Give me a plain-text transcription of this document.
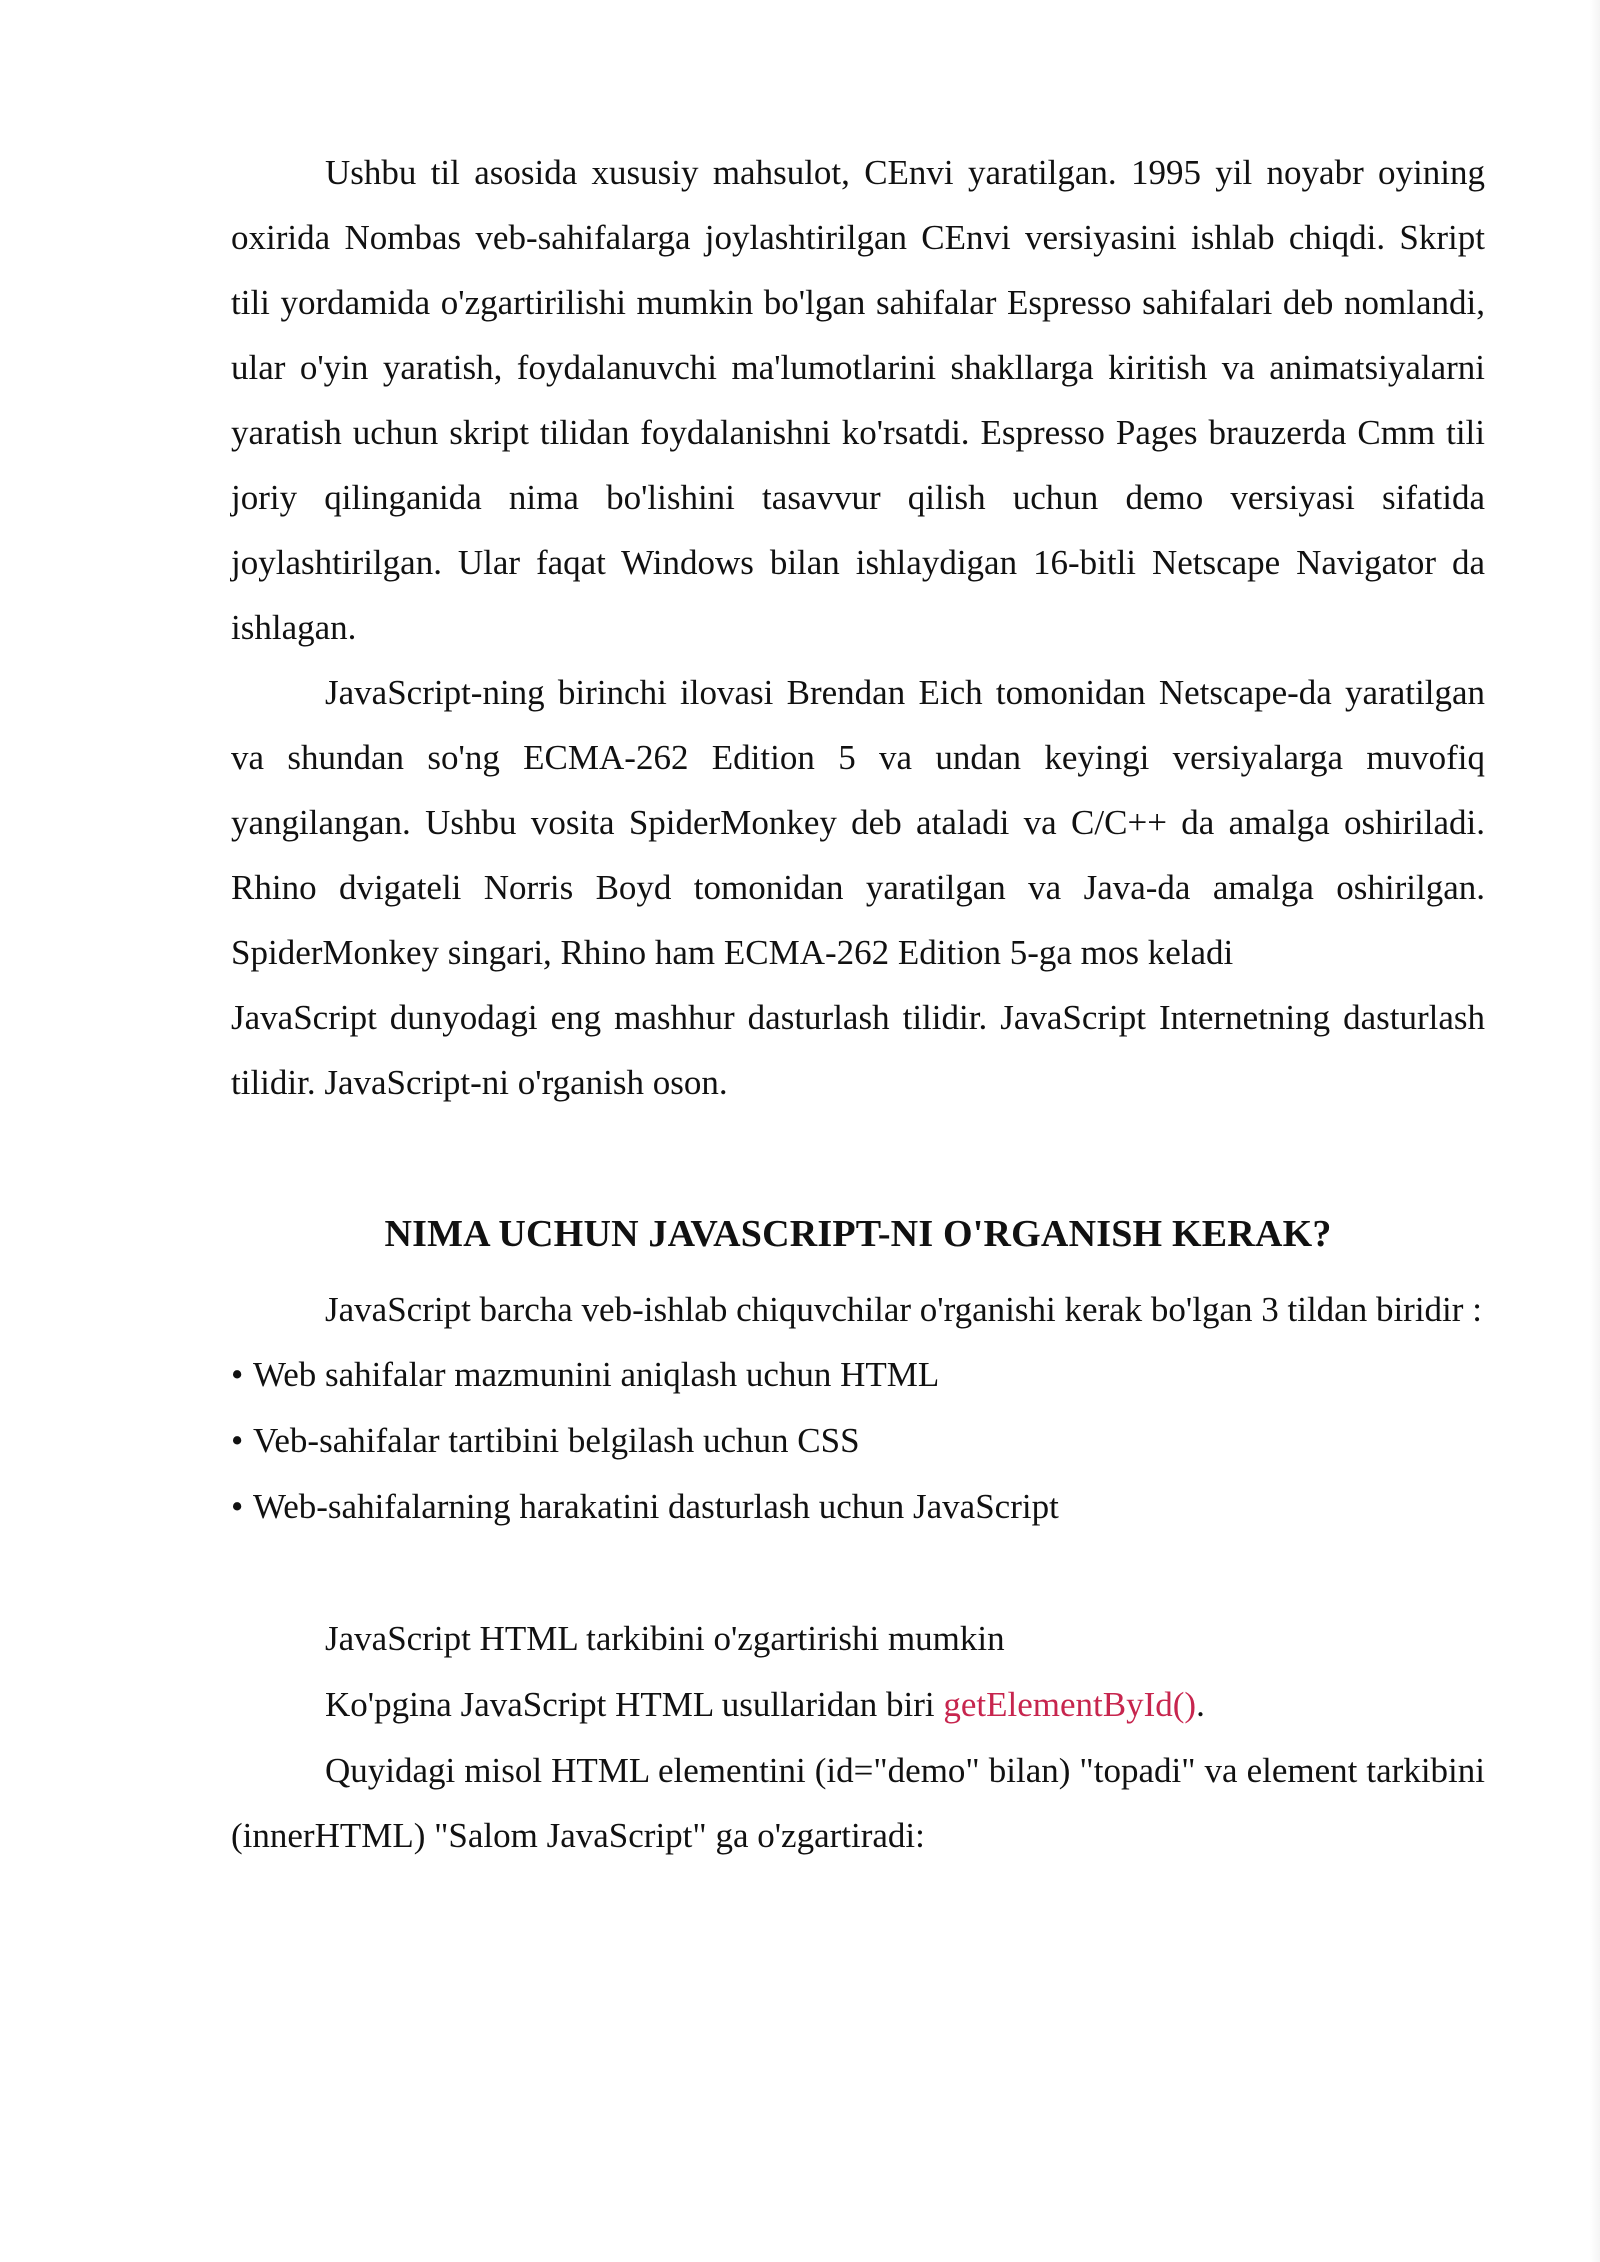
Ushbu til asosida xususiy mahsulot, CEnvi yaratilgan. 1995 yil noyabr oyining oxirida Nombas veb-sahifalarga joylashtirilgan CEnvi versiyasini ishlab chiqdi. Skript tili yordamida o'zgartirilishi mumkin bo'lgan sahifalar Espresso sahifalari deb nomlandi, ular o'yin yaratish, foydalanuvchi ma'lumotlarini shakllarga kiritish va animatsiyalarni yaratish uchun skript tilidan foydalanishni ko'rsatdi. Espresso Pages brauzerda Cmm tili joriy qilinganida nima bo'lishini tasavvur qilish uchun demo versiyasi sifatida joylashtirilgan. Ular faqat Windows bilan ishlaydigan 16-bitli Netscape Navigator da ishlagan.

JavaScript-ning birinchi ilovasi Brendan Eich tomonidan Netscape-da yaratilgan va shundan so'ng ECMA-262 Edition 5 va undan keyingi versiyalarga muvofiq yangilangan. Ushbu vosita SpiderMonkey deb ataladi va C/C++ da amalga oshiriladi. Rhino dvigateli Norris Boyd tomonidan yaratilgan va Java-da amalga oshirilgan. SpiderMonkey singari, Rhino ham ECMA-262 Edition 5-ga mos keladi

JavaScript dunyodagi eng mashhur dasturlash tilidir. JavaScript Internetning dasturlash tilidir. JavaScript-ni o'rganish oson.

NIMA UCHUN JAVASCRIPT-NI O'RGANISH KERAK?

JavaScript barcha veb-ishlab chiquvchilar o'rganishi kerak bo'lgan 3 tildan biridir :

• Web sahifalar mazmunini aniqlash uchun HTML
• Veb-sahifalar tartibini belgilash uchun CSS
• Web-sahifalarning harakatini dasturlash uchun JavaScript

JavaScript HTML tarkibini o'zgartirishi mumkin

Ko'pgina JavaScript HTML usullaridan biri getElementById().

Quyidagi misol HTML elementini (id="demo" bilan) "topadi" va element tarkibini (innerHTML) "Salom JavaScript" ga o'zgartiradi:
